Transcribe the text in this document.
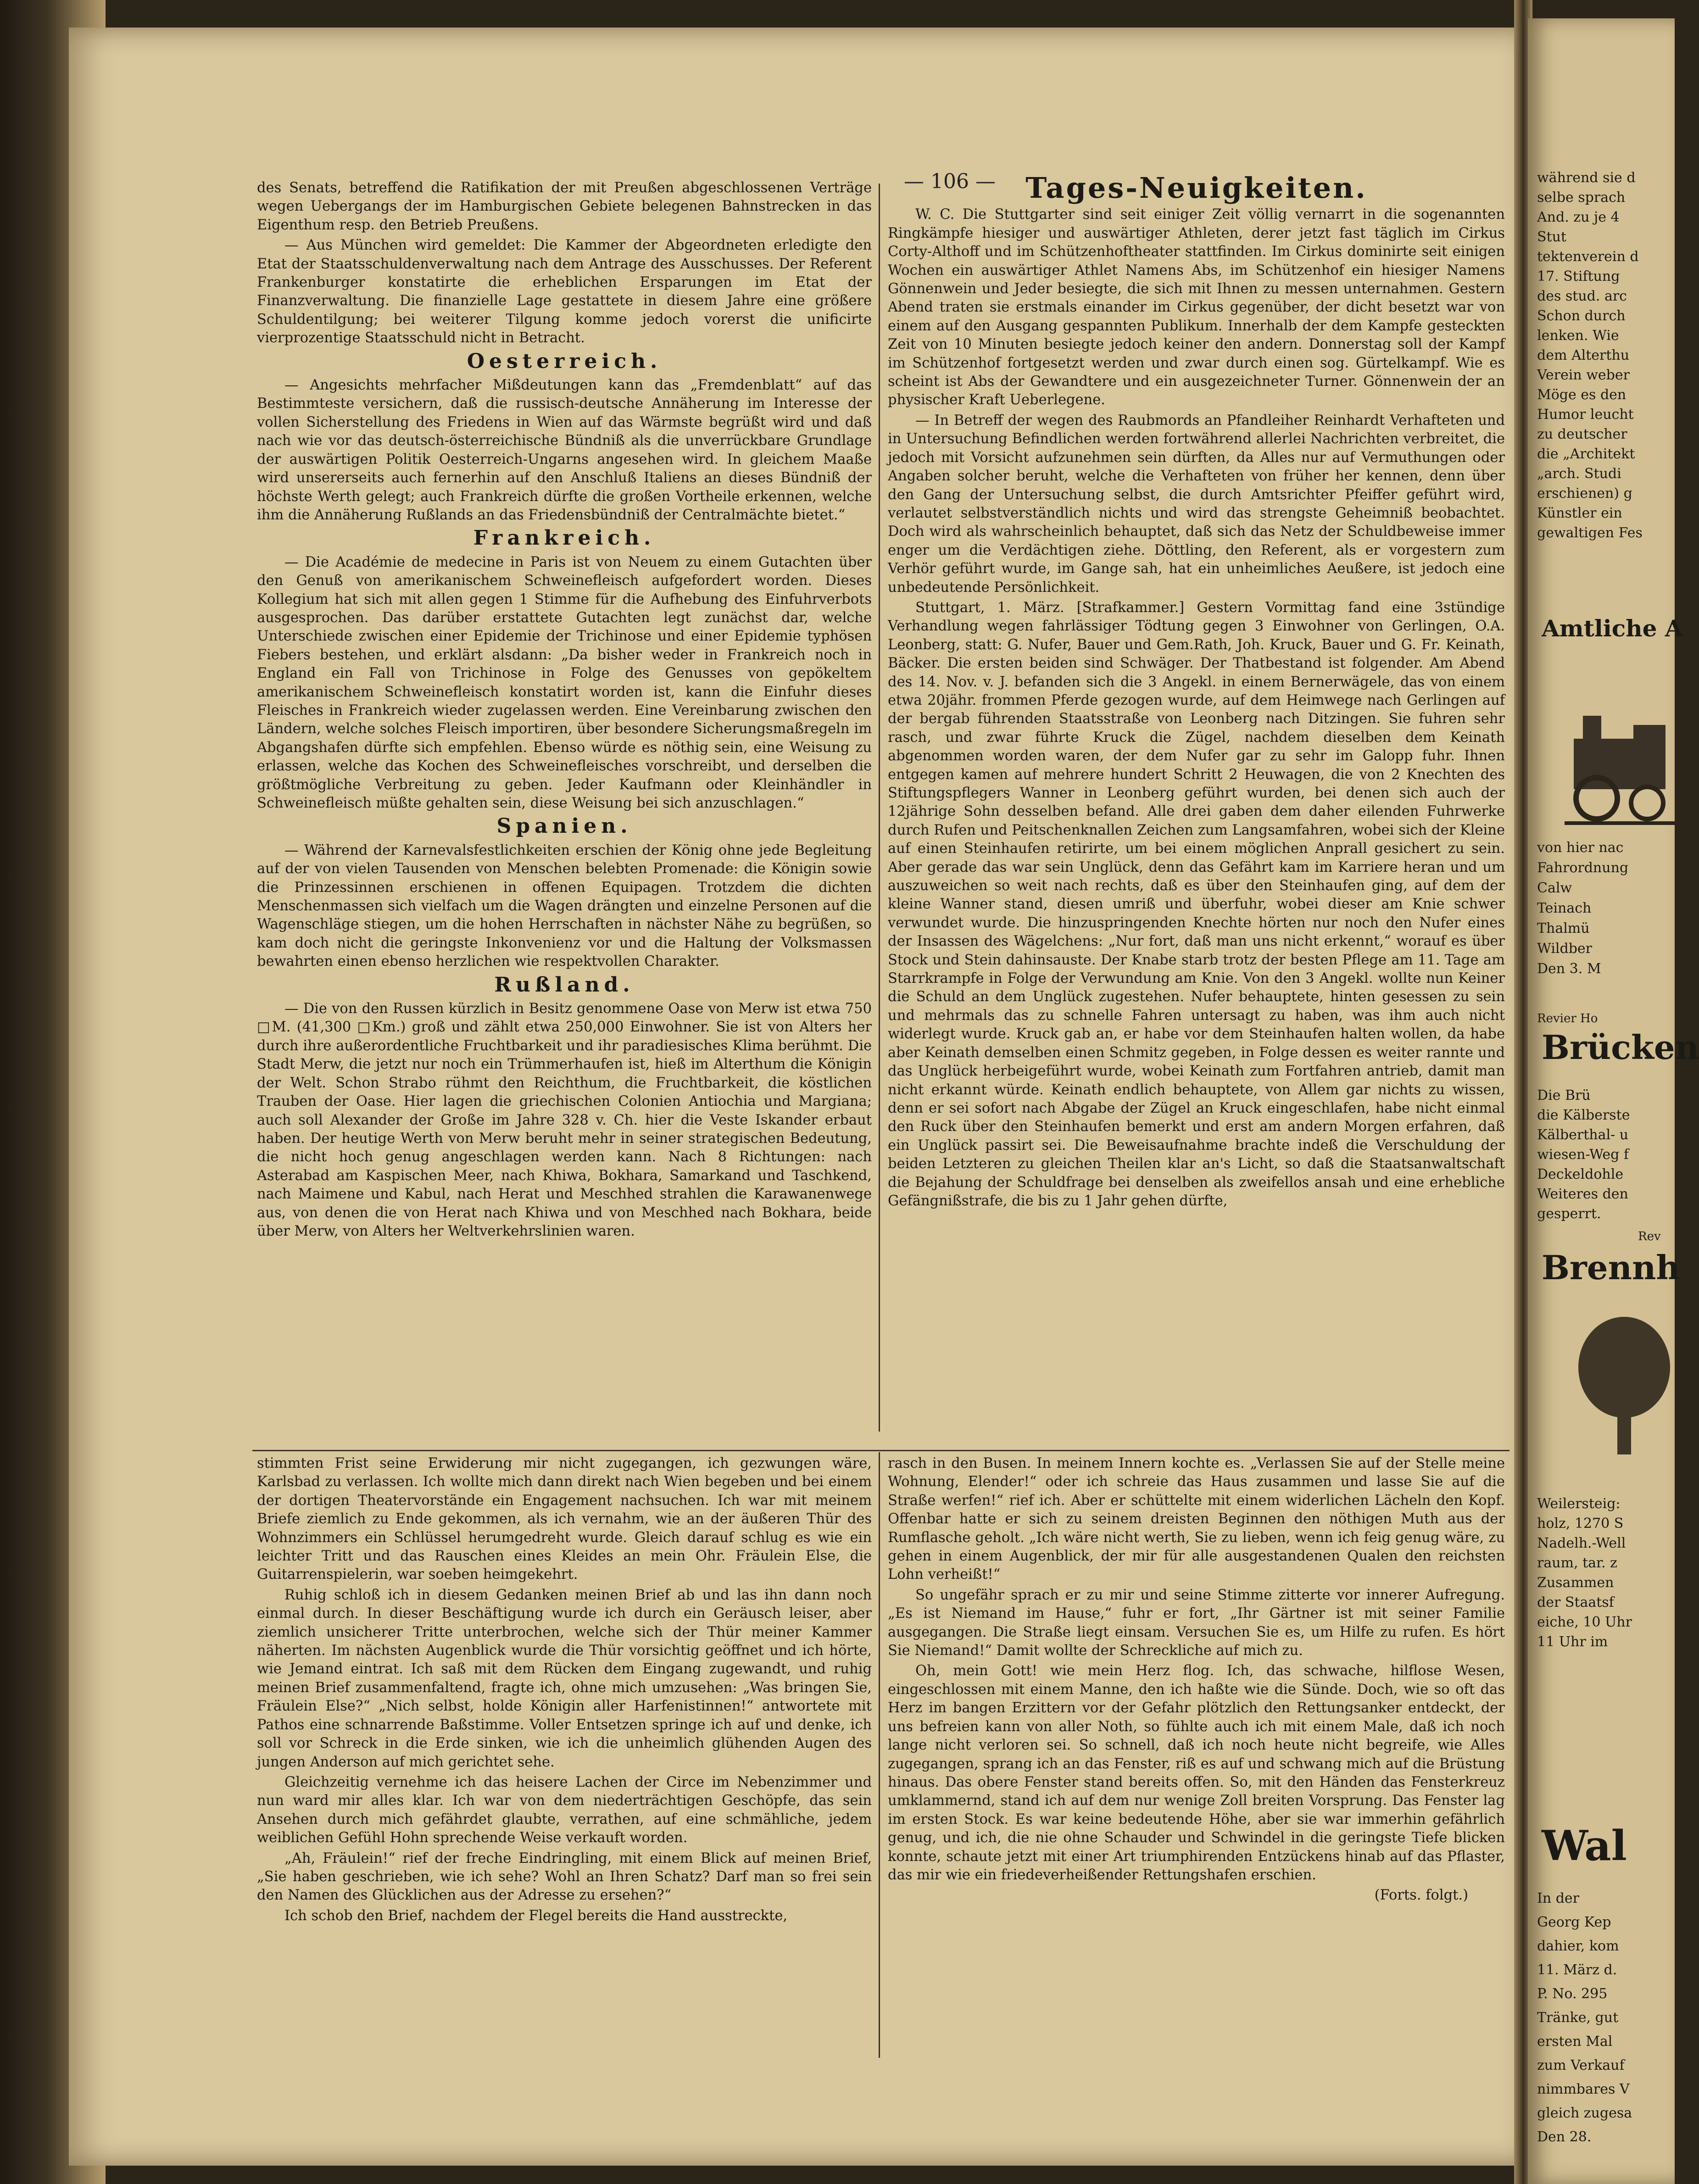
— 106 —

des Senats, betreffend die Ratifikation der mit Preußen abgeschlossenen Verträge wegen Uebergangs der im Hamburgischen Gebiete belegenen Bahnstrecken in das Eigenthum resp. den Betrieb Preußens.

— Aus München wird gemeldet: Die Kammer der Abgeordneten erledigte den Etat der Staatsschuldenverwaltung nach dem Antrage des Ausschusses. Der Referent Frankenburger konstatirte die erheblichen Ersparungen im Etat der Finanzverwaltung. Die finanzielle Lage gestattete in diesem Jahre eine größere Schuldentilgung; bei weiterer Tilgung komme jedoch vorerst die unificirte vierprozentige Staatsschuld nicht in Betracht.

Oesterreich.

— Angesichts mehrfacher Mißdeutungen kann das „Fremdenblatt“ auf das Bestimmteste versichern, daß die russisch-deutsche Annäherung im Interesse der vollen Sicherstellung des Friedens in Wien auf das Wärmste begrüßt wird und daß nach wie vor das deutsch-österreichische Bündniß als die unverrückbare Grundlage der auswärtigen Politik Oesterreich-Ungarns angesehen wird. In gleichem Maaße wird unsererseits auch fernerhin auf den Anschluß Italiens an dieses Bündniß der höchste Werth gelegt; auch Frankreich dürfte die großen Vortheile erkennen, welche ihm die Annäherung Rußlands an das Friedensbündniß der Centralmächte bietet.“

Frankreich.

— Die Académie de medecine in Paris ist von Neuem zu einem Gutachten über den Genuß von amerikanischem Schweinefleisch aufgefordert worden. Dieses Kollegium hat sich mit allen gegen 1 Stimme für die Aufhebung des Einfuhrverbots ausgesprochen. Das darüber erstattete Gutachten legt zunächst dar, welche Unterschiede zwischen einer Epidemie der Trichinose und einer Epidemie typhösen Fiebers bestehen, und erklärt alsdann: „Da bisher weder in Frankreich noch in England ein Fall von Trichinose in Folge des Genusses von gepökeltem amerikanischem Schweinefleisch konstatirt worden ist, kann die Einfuhr dieses Fleisches in Frankreich wieder zugelassen werden. Eine Vereinbarung zwischen den Ländern, welche solches Fleisch importiren, über besondere Sicherungsmaßregeln im Abgangshafen dürfte sich empfehlen. Ebenso würde es nöthig sein, eine Weisung zu erlassen, welche das Kochen des Schweinefleisches vorschreibt, und derselben die größtmögliche Verbreitung zu geben. Jeder Kaufmann oder Kleinhändler in Schweinefleisch müßte gehalten sein, diese Weisung bei sich anzuschlagen.“

Spanien.

— Während der Karnevalsfestlichkeiten erschien der König ohne jede Begleitung auf der von vielen Tausenden von Menschen belebten Promenade: die Königin sowie die Prinzessinnen erschienen in offenen Equipagen. Trotzdem die dichten Menschenmassen sich vielfach um die Wagen drängten und einzelne Personen auf die Wagenschläge stiegen, um die hohen Herrschaften in nächster Nähe zu begrüßen, so kam doch nicht die geringste Inkonvenienz vor und die Haltung der Volksmassen bewahrten einen ebenso herzlichen wie respektvollen Charakter.

Rußland.

— Die von den Russen kürzlich in Besitz genommene Oase von Merw ist etwa 750 □M. (41,300 □Km.) groß und zählt etwa 250,000 Einwohner. Sie ist von Alters her durch ihre außerordentliche Fruchtbarkeit und ihr paradiesisches Klima berühmt. Die Stadt Merw, die jetzt nur noch ein Trümmerhaufen ist, hieß im Alterthum die Königin der Welt. Schon Strabo rühmt den Reichthum, die Fruchtbarkeit, die köstlichen Trauben der Oase. Hier lagen die griechischen Colonien Antiochia und Margiana; auch soll Alexander der Große im Jahre 328 v. Ch. hier die Veste Iskander erbaut haben. Der heutige Werth von Merw beruht mehr in seiner strategischen Bedeutung, die nicht hoch genug angeschlagen werden kann. Nach 8 Richtungen: nach Asterabad am Kaspischen Meer, nach Khiwa, Bokhara, Samarkand und Taschkend, nach Maimene und Kabul, nach Herat und Meschhed strahlen die Karawanenwege aus, von denen die von Herat nach Khiwa und von Meschhed nach Bokhara, beide über Merw, von Alters her Weltverkehrslinien waren.

Tages-Neuigkeiten.

W. C. Die Stuttgarter sind seit einiger Zeit völlig vernarrt in die sogenannten Ringkämpfe hiesiger und auswärtiger Athleten, derer jetzt fast täglich im Cirkus Corty-Althoff und im Schützenhoftheater stattfinden. Im Cirkus dominirte seit einigen Wochen ein auswärtiger Athlet Namens Abs, im Schützenhof ein hiesiger Namens Gönnenwein und Jeder besiegte, die sich mit Ihnen zu messen unternahmen. Gestern Abend traten sie erstmals einander im Cirkus gegenüber, der dicht besetzt war von einem auf den Ausgang gespannten Publikum. Innerhalb der dem Kampfe gesteckten Zeit von 10 Minuten besiegte jedoch keiner den andern. Donnerstag soll der Kampf im Schützenhof fortgesetzt werden und zwar durch einen sog. Gürtelkampf. Wie es scheint ist Abs der Gewandtere und ein ausgezeichneter Turner. Gönnenwein der an physischer Kraft Ueberlegene.

— In Betreff der wegen des Raubmords an Pfandleiher Reinhardt Verhafteten und in Untersuchung Befindlichen werden fortwährend allerlei Nachrichten verbreitet, die jedoch mit Vorsicht aufzunehmen sein dürften, da Alles nur auf Vermuthungen oder Angaben solcher beruht, welche die Verhafteten von früher her kennen, denn über den Gang der Untersuchung selbst, die durch Amtsrichter Pfeiffer geführt wird, verlautet selbstverständlich nichts und wird das strengste Geheimniß beobachtet. Doch wird als wahrscheinlich behauptet, daß sich das Netz der Schuldbeweise immer enger um die Verdächtigen ziehe. Döttling, den Referent, als er vorgestern zum Verhör geführt wurde, im Gange sah, hat ein unheimliches Aeußere, ist jedoch eine unbedeutende Persönlichkeit.

Stuttgart, 1. März. [Strafkammer.] Gestern Vormittag fand eine 3stündige Verhandlung wegen fahrlässiger Tödtung gegen 3 Einwohner von Gerlingen, O.A. Leonberg, statt: G. Nufer, Bauer und Gem.Rath, Joh. Kruck, Bauer und G. Fr. Keinath, Bäcker. Die ersten beiden sind Schwäger. Der Thatbestand ist folgender. Am Abend des 14. Nov. v. J. befanden sich die 3 Angekl. in einem Bernerwägele, das von einem etwa 20jähr. frommen Pferde gezogen wurde, auf dem Heimwege nach Gerlingen auf der bergab führenden Staatsstraße von Leonberg nach Ditzingen. Sie fuhren sehr rasch, und zwar führte Kruck die Zügel, nachdem dieselben dem Keinath abgenommen worden waren, der dem Nufer gar zu sehr im Galopp fuhr. Ihnen entgegen kamen auf mehrere hundert Schritt 2 Heuwagen, die von 2 Knechten des Stiftungspflegers Wanner in Leonberg geführt wurden, bei denen sich auch der 12jährige Sohn desselben befand. Alle drei gaben dem daher eilenden Fuhrwerke durch Rufen und Peitschenknallen Zeichen zum Langsamfahren, wobei sich der Kleine auf einen Steinhaufen retirirte, um bei einem möglichen Anprall gesichert zu sein. Aber gerade das war sein Unglück, denn das Gefährt kam im Karriere heran und um auszuweichen so weit nach rechts, daß es über den Steinhaufen ging, auf dem der kleine Wanner stand, diesen umriß und überfuhr, wobei dieser am Knie schwer verwundet wurde. Die hinzuspringenden Knechte hörten nur noch den Nufer eines der Insassen des Wägelchens: „Nur fort, daß man uns nicht erkennt,“ worauf es über Stock und Stein dahinsauste. Der Knabe starb trotz der besten Pflege am 11. Tage am Starrkrampfe in Folge der Verwundung am Knie. Von den 3 Angekl. wollte nun Keiner die Schuld an dem Unglück zugestehen. Nufer behauptete, hinten gesessen zu sein und mehrmals das zu schnelle Fahren untersagt zu haben, was ihm auch nicht widerlegt wurde. Kruck gab an, er habe vor dem Steinhaufen halten wollen, da habe aber Keinath demselben einen Schmitz gegeben, in Folge dessen es weiter rannte und das Unglück herbeigeführt wurde, wobei Keinath zum Fortfahren antrieb, damit man nicht erkannt würde. Keinath endlich behauptete, von Allem gar nichts zu wissen, denn er sei sofort nach Abgabe der Zügel an Kruck eingeschlafen, habe nicht einmal den Ruck über den Steinhaufen bemerkt und erst am andern Morgen erfahren, daß ein Unglück passirt sei. Die Beweisaufnahme brachte indeß die Verschuldung der beiden Letzteren zu gleichen Theilen klar an's Licht, so daß die Staatsanwaltschaft die Bejahung der Schuldfrage bei denselben als zweifellos ansah und eine erhebliche Gefängnißstrafe, die bis zu 1 Jahr gehen dürfte,

stimmten Frist seine Erwiderung mir nicht zugegangen, ich gezwungen wäre, Karlsbad zu verlassen. Ich wollte mich dann direkt nach Wien begeben und bei einem der dortigen Theatervorstände ein Engagement nachsuchen. Ich war mit meinem Briefe ziemlich zu Ende gekommen, als ich vernahm, wie an der äußeren Thür des Wohnzimmers ein Schlüssel herumgedreht wurde. Gleich darauf schlug es wie ein leichter Tritt und das Rauschen eines Kleides an mein Ohr. Fräulein Else, die Guitarrenspielerin, war soeben heimgekehrt.

Ruhig schloß ich in diesem Gedanken meinen Brief ab und las ihn dann noch einmal durch. In dieser Beschäftigung wurde ich durch ein Geräusch leiser, aber ziemlich unsicherer Tritte unterbrochen, welche sich der Thür meiner Kammer näherten. Im nächsten Augenblick wurde die Thür vorsichtig geöffnet und ich hörte, wie Jemand eintrat. Ich saß mit dem Rücken dem Eingang zugewandt, und ruhig meinen Brief zusammenfaltend, fragte ich, ohne mich umzusehen: „Was bringen Sie, Fräulein Else?“ „Nich selbst, holde Königin aller Harfenistinnen!“ antwortete mit Pathos eine schnarrende Baßstimme. Voller Entsetzen springe ich auf und denke, ich soll vor Schreck in die Erde sinken, wie ich die unheimlich glühenden Augen des jungen Anderson auf mich gerichtet sehe.

Gleichzeitig vernehme ich das heisere Lachen der Circe im Nebenzimmer und nun ward mir alles klar. Ich war von dem niederträchtigen Geschöpfe, das sein Ansehen durch mich gefährdet glaubte, verrathen, auf eine schmähliche, jedem weiblichen Gefühl Hohn sprechende Weise verkauft worden.

„Ah, Fräulein!“ rief der freche Eindringling, mit einem Blick auf meinen Brief, „Sie haben geschrieben, wie ich sehe? Wohl an Ihren Schatz? Darf man so frei sein den Namen des Glücklichen aus der Adresse zu ersehen?“

Ich schob den Brief, nachdem der Flegel bereits die Hand ausstreckte,

rasch in den Busen. In meinem Innern kochte es. „Verlassen Sie auf der Stelle meine Wohnung, Elender!“ oder ich schreie das Haus zusammen und lasse Sie auf die Straße werfen!“ rief ich. Aber er schüttelte mit einem widerlichen Lächeln den Kopf. Offenbar hatte er sich zu seinem dreisten Beginnen den nöthigen Muth aus der Rumflasche geholt. „Ich wäre nicht werth, Sie zu lieben, wenn ich feig genug wäre, zu gehen in einem Augenblick, der mir für alle ausgestandenen Qualen den reichsten Lohn verheißt!“

So ungefähr sprach er zu mir und seine Stimme zitterte vor innerer Aufregung. „Es ist Niemand im Hause,“ fuhr er fort, „Ihr Gärtner ist mit seiner Familie ausgegangen. Die Straße liegt einsam. Versuchen Sie es, um Hilfe zu rufen. Es hört Sie Niemand!“ Damit wollte der Schreckliche auf mich zu.

Oh, mein Gott! wie mein Herz flog. Ich, das schwache, hilflose Wesen, eingeschlossen mit einem Manne, den ich haßte wie die Sünde. Doch, wie so oft das Herz im bangen Erzittern vor der Gefahr plötzlich den Rettungsanker entdeckt, der uns befreien kann von aller Noth, so fühlte auch ich mit einem Male, daß ich noch lange nicht verloren sei. So schnell, daß ich noch heute nicht begreife, wie Alles zugegangen, sprang ich an das Fenster, riß es auf und schwang mich auf die Brüstung hinaus. Das obere Fenster stand bereits offen. So, mit den Händen das Fensterkreuz umklammernd, stand ich auf dem nur wenige Zoll breiten Vorsprung. Das Fenster lag im ersten Stock. Es war keine bedeutende Höhe, aber sie war immerhin gefährlich genug, und ich, die nie ohne Schauder und Schwindel in die geringste Tiefe blicken konnte, schaute jetzt mit einer Art triumphirenden Entzückens hinab auf das Pflaster, das mir wie ein friedeverheißender Rettungshafen erschien.

(Forts. folgt.)

während sie d
selbe sprach
And. zu je 4
Stut
tektenverein d
17. Stiftung
des stud. arc
Schon durch
lenken. Wie
dem Alterthu
Verein weber
Möge es den
Humor leucht
zu deutscher
die „Architekt
„arch. Studi
erschienen) g
Künstler ein
gewaltigen Fes
Amtliche A
von hier nac
Fahrordnung
Calw
Teinach
Thalmü
Wildber
Den 3. M
Revier Ho
Brücken
Die Brü
die Kälberste
Kälberthal- u
wiesen-Weg f
Deckeldohle
Weiteres den
gesperrt.
Rev
Brennh
Weilersteig:
holz, 1270 S
Nadelh.-Well
raum, tar. z
Zusammen
der Staatsf
eiche, 10 Uhr
11 Uhr im
Wal
In der
Georg Kep
dahier, kom
11. März d.
P. No. 295
Tränke, gut
ersten Mal
zum Verkauf
nimmbares V
gleich zugesa
Den 28.
